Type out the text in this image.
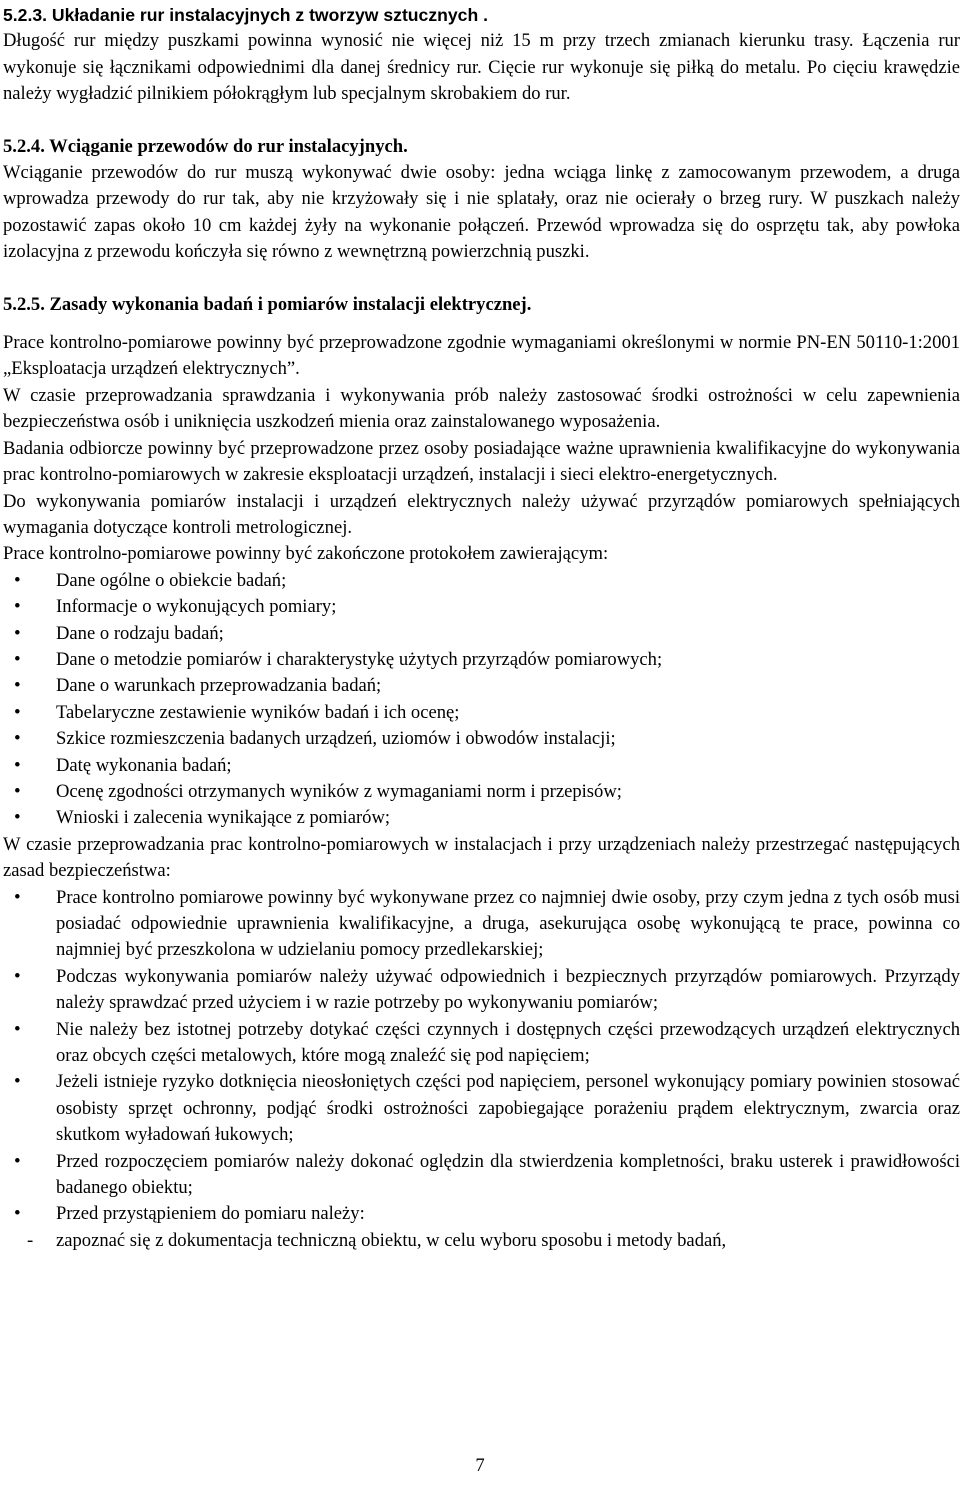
5.2.3. Układanie rur instalacyjnych z tworzyw sztucznych .

Długość rur między puszkami powinna wynosić nie więcej niż 15 m przy trzech zmianach kierunku trasy. Łączenia rur wykonuje się łącznikami odpowiednimi dla danej średnicy rur. Cięcie rur wykonuje się piłką do metalu. Po cięciu krawędzie należy wygładzić pilnikiem półokrągłym lub specjalnym skrobakiem do rur.

5.2.4. Wciąganie przewodów do rur instalacyjnych.

Wciąganie przewodów do rur muszą wykonywać dwie osoby: jedna wciąga linkę z zamocowanym przewodem, a druga wprowadza przewody do rur tak, aby nie krzyżowały się i nie splatały, oraz nie ocierały o brzeg rury. W puszkach należy pozostawić zapas około 10 cm każdej żyły na wykonanie połączeń. Przewód wprowadza się do osprzętu tak, aby powłoka izolacyjna z przewodu kończyła się równo z wewnętrzną powierzchnią puszki.

5.2.5. Zasady wykonania badań i pomiarów instalacji elektrycznej.

Prace kontrolno-pomiarowe powinny być przeprowadzone zgodnie wymaganiami określonymi w normie PN-EN 50110-1:2001 „Eksploatacja urządzeń elektrycznych”.

W czasie przeprowadzania sprawdzania i wykonywania prób należy zastosować środki ostrożności w celu zapewnienia bezpieczeństwa osób i uniknięcia uszkodzeń mienia oraz zainstalowanego wyposażenia.

Badania odbiorcze powinny być przeprowadzone przez osoby posiadające ważne uprawnienia kwalifikacyjne do wykonywania prac kontrolno-pomiarowych w zakresie eksploatacji urządzeń, instalacji i sieci elektro-energetycznych.

Do wykonywania pomiarów instalacji i urządzeń elektrycznych należy używać przyrządów pomiarowych spełniających wymagania dotyczące kontroli metrologicznej.

Prace kontrolno-pomiarowe powinny być zakończone protokołem zawierającym:

• Dane ogólne o obiekcie badań;
• Informacje o wykonujących pomiary;
• Dane o rodzaju badań;
• Dane o metodzie pomiarów i charakterystykę użytych przyrządów pomiarowych;
• Dane o warunkach przeprowadzania badań;
• Tabelaryczne zestawienie wyników badań i ich ocenę;
• Szkice rozmieszczenia badanych urządzeń, uziomów i obwodów instalacji;
• Datę wykonania badań;
• Ocenę zgodności otrzymanych wyników z wymaganiami norm i przepisów;
• Wnioski i zalecenia wynikające z pomiarów;

W czasie przeprowadzania prac kontrolno-pomiarowych w instalacjach i przy urządzeniach należy przestrzegać następujących zasad bezpieczeństwa:

• Prace kontrolno pomiarowe powinny być wykonywane przez co najmniej dwie osoby, przy czym jedna z tych osób musi posiadać odpowiednie uprawnienia kwalifikacyjne, a druga, asekurująca osobę wykonującą te prace, powinna co najmniej być przeszkolona w udzielaniu pomocy przedlekarskiej;
• Podczas wykonywania pomiarów należy używać odpowiednich i bezpiecznych przyrządów pomiarowych. Przyrządy należy sprawdzać przed użyciem i w razie potrzeby po wykonywaniu pomiarów;
• Nie należy bez istotnej potrzeby dotykać części czynnych i dostępnych części przewodzących urządzeń elektrycznych oraz obcych części metalowych, które mogą znaleźć się pod napięciem;
• Jeżeli istnieje ryzyko dotknięcia nieosłoniętych części pod napięciem, personel wykonujący pomiary powinien stosować osobisty sprzęt ochronny, podjąć środki ostrożności zapobiegające porażeniu prądem elektrycznym, zwarcia oraz skutkom wyładowań łukowych;
• Przed rozpoczęciem pomiarów należy dokonać oględzin dla stwierdzenia kompletności, braku usterek i prawidłowości badanego obiektu;
• Przed przystąpieniem do pomiaru należy:
- zapoznać się z dokumentacja techniczną obiektu, w celu wyboru sposobu i metody badań,
7
